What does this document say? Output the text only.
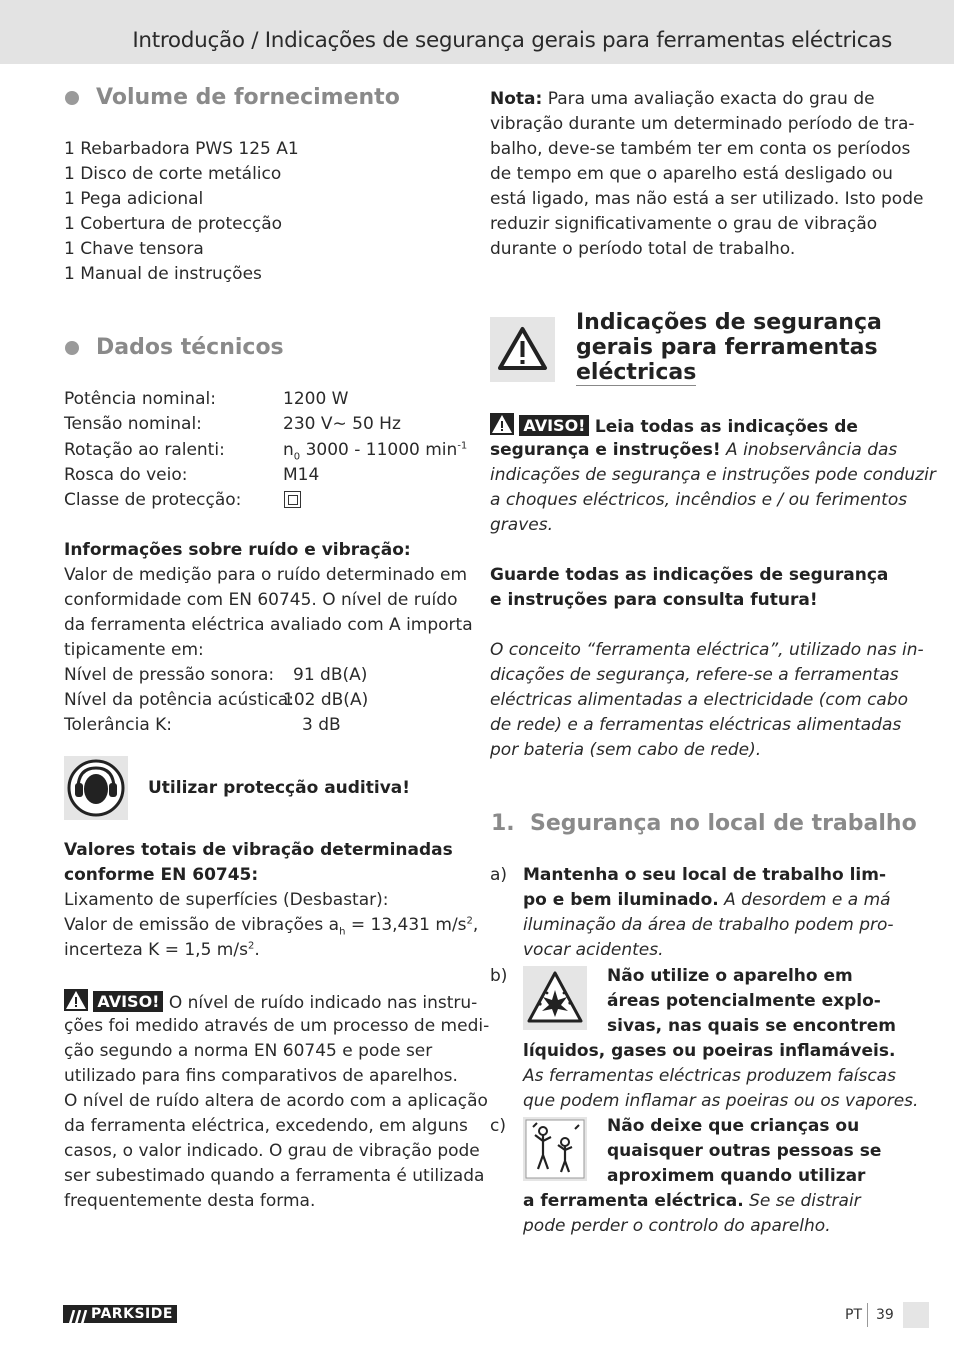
Introdução / Indicações de segurança gerais para ferramentas eléctricas
Volume de fornecimento
1 Rebarbadora PWS 125 A1
1 Disco de corte metálico
1 Pega adicional
1 Cobertura de protecção
1 Chave tensora
1 Manual de instruções
Dados técnicos
Potência nominal:	1200 W
Tensão nominal:	230 V∼ 50 Hz
Rotação ao ralenti:	$n_0$ 3000 - 11000 $\min^{-1}$
Rosca do veio:	M14
Classe de protecção:
Informações sobre ruído e vibração:
Valor de medição para o ruído determinado em
conformidade com EN 60745. O nível de ruído
da ferramenta eléctrica avaliado com A importa
tipicamente em:
Nível de pressão sonora: 91 dB(A)
Nível da potência acústica:
102 dB(A)
Tolerância K:	3 dB
Utilizar protecção auditiva!
Valores totais de vibração determinadas
conforme EN 60745:
Lixamento de superfícies (Desbastar):
Valor de emissão de vibrações $a_h = 13,431$ $m/s^2$,
incerteza K = 1,5 $m/s^2$.
AVISO! O nível de ruído indicado nas instru-
ções foi medido através de um processo de medi-
ção segundo a norma EN 60745 e pode ser
utilizado para fins comparativos de aparelhos.
O nível de ruído altera de acordo com a aplicação
da ferramenta eléctrica, excedendo, em alguns
casos, o valor indicado. O grau de vibração pode
ser subestimado quando a ferramenta é utilizada
frequentemente desta forma.
Nota: Para uma avaliação exacta do grau de
vibração durante um determinado período de tra-
balho, deve-se também ter em conta os períodos
de tempo em que o aparelho está desligado ou
está ligado, mas não está a ser utilizado. Isto pode
reduzir significativamente o grau de vibração
durante o período total de trabalho.
Indicações de segurança
gerais para ferramentas
eléctricas
AVISO! Leia todas as indicações de
segurança e instruções! A inobservância das
indicações de segurança e instruções pode conduzir
a choques eléctricos, incêndios e / ou ferimentos
graves.
Guarde todas as indicações de segurança
e instruções para consulta futura!
O conceito “ferramenta eléctrica”, utilizado nas in-
dicações de segurança, refere-se a ferramentas
eléctricas alimentadas a electricidade (com cabo
de rede) e a ferramentas eléctricas alimentadas
por bateria (sem cabo de rede).
1.  Segurança no local de trabalho
a) Mantenha o seu local de trabalho lim-
po e bem iluminado. A desordem e a má
iluminação da área de trabalho podem pro-
vocar acidentes.
b)	Não utilize o aparelho em
áreas potencialmente explo-
sivas, nas quais se encontrem
líquidos, gases ou poeiras inflamáveis.
As ferramentas eléctricas produzem faíscas
que podem inflamar as poeiras ou os vapores.
c)	Não deixe que crianças ou
quaisquer outras pessoas se
aproximem quando utilizar
a ferramenta eléctrica. Se se distrair
pode perder o controlo do aparelho.
PARKSIDE	PT 39
